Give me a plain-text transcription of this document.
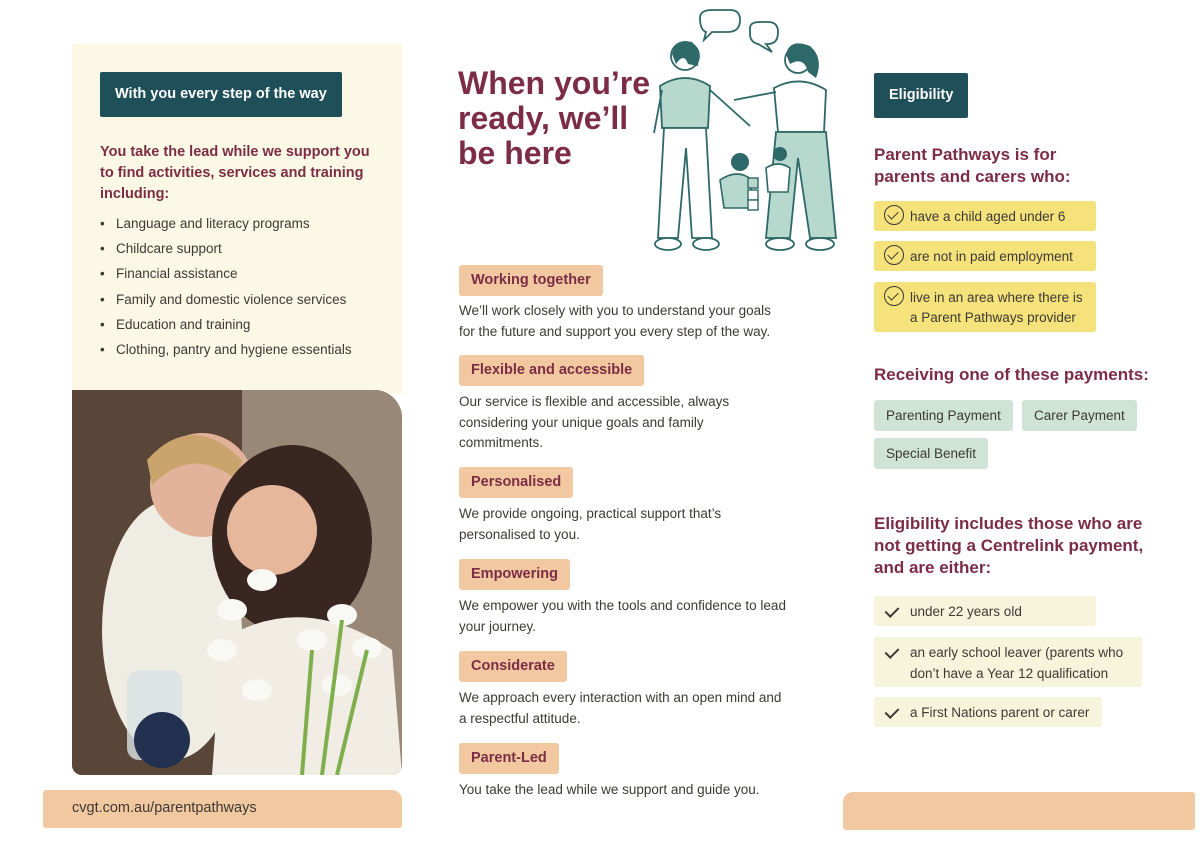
With you every step of the way

You take the lead while we support you to find activities, services and training including:

• Language and literacy programs
• Childcare support
• Financial assistance
• Family and domestic violence services
• Education and training
• Clothing, pantry and hygiene essentials
cvgt.com.au/parentpathways
When you’re
ready, we’ll
be here
Working together

We’ll work closely with you to understand your goals for the future and support you every step of the way.

Flexible and accessible

Our service is flexible and accessible, always considering your unique goals and family commitments.

Personalised

We provide ongoing, practical support that’s personalised to you.

Empowering

We empower you with the tools and confidence to lead your journey.

Considerate

We approach every interaction with an open mind and a respectful attitude.

Parent-Led

You take the lead while we support and guide you.

Eligibility
Parent Pathways is for parents and carers who:
have a child aged under 6
are not in paid employment
live in an area where there is a Parent Pathways provider
Receiving one of these payments:
Parenting Payment	Carer Payment
Special Benefit
Eligibility includes those who are not getting a Centrelink payment, and are either:
under 22 years old
an early school leaver (parents who don’t have a Year 12 qualification
a First Nations parent or carer
